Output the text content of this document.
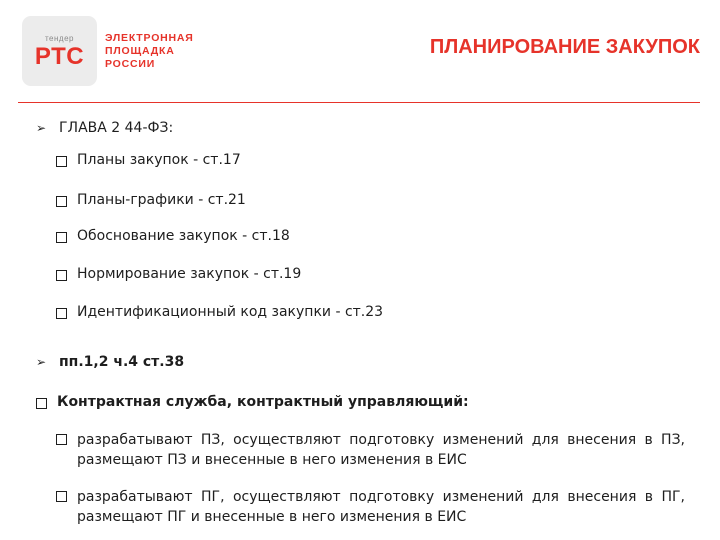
тендер
РТС
ЭЛЕКТРОННАЯ
ПЛОЩАДКА
РОССИИ
ПЛАНИРОВАНИЕ ЗАКУПОК
➢ ГЛАВА 2 44-ФЗ:
Планы закупок - ст.17
Планы-графики - ст.21
Обоснование закупок - ст.18
Нормирование закупок - ст.19
Идентификационный код закупки - ст.23
➢ пп.1,2 ч.4 ст.38
Контрактная служба, контрактный управляющий:
разрабатывают ПЗ, осуществляют подготовку изменений для внесения в ПЗ, размещают ПЗ и внесенные в него изменения в ЕИС
разрабатывают ПГ, осуществляют подготовку изменений для внесения в ПГ, размещают ПГ и внесенные в него изменения в ЕИС
